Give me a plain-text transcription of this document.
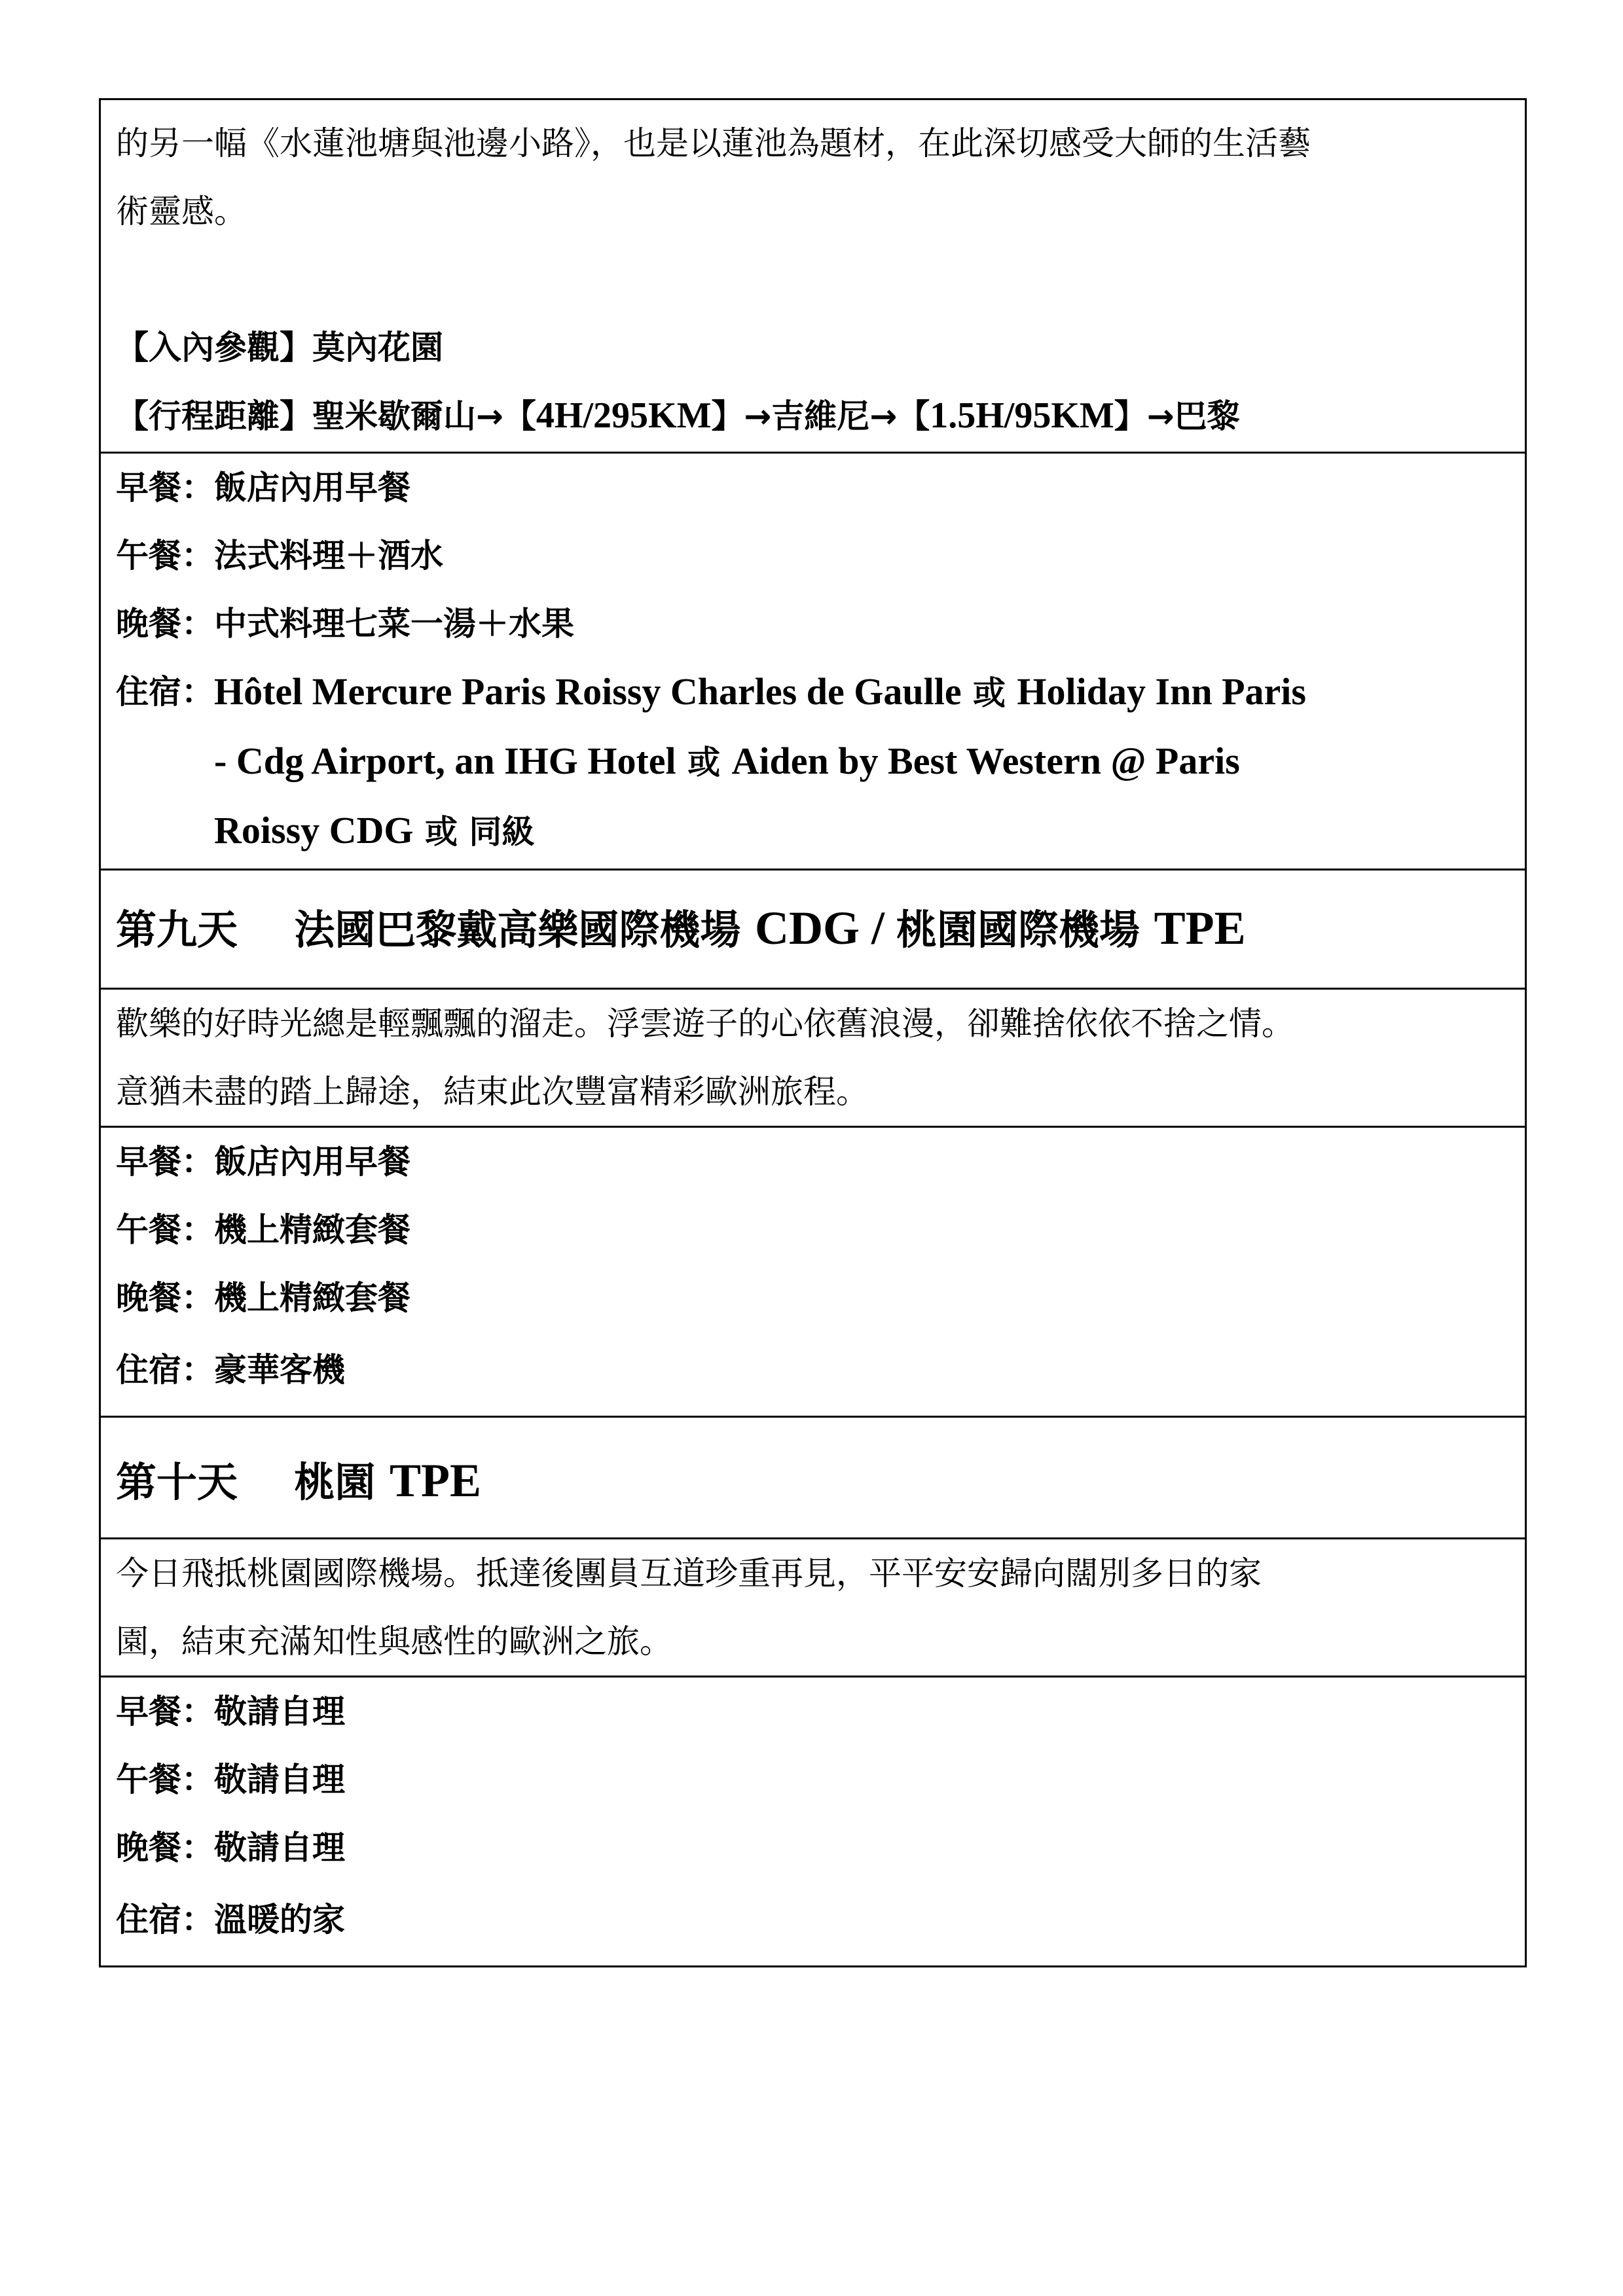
的另一幅《水蓮池塘與池邊小路》，也是以蓮池為題材，在此深切感受大師的生活藝

術靈感。

【入內參觀】莫內花園

【行程距離】聖米歇爾山→【4H/295KM】→吉維尼→【1.5H/95KM】→巴黎

早餐：飯店內用早餐

午餐：法式料理＋酒水

晚餐：中式料理七菜一湯＋水果

住宿： Hôtel Mercure Paris Roissy Charles de Gaulle 或 Holiday Inn Paris
- Cdg Airport, an IHG Hotel 或 Aiden by Best Western @ Paris
Roissy CDG 或 同級

第九天 法國巴黎戴高樂國際機場 CDG / 桃園國際機場 TPE

歡樂的好時光總是輕飄飄的溜走。浮雲遊子的心依舊浪漫，卻難捨依依不捨之情。

意猶未盡的踏上歸途，結束此次豐富精彩歐洲旅程。

早餐：飯店內用早餐

午餐：機上精緻套餐

晚餐：機上精緻套餐

住宿：豪華客機

第十天 桃園 TPE

今日飛抵桃園國際機場。抵達後團員互道珍重再見，平平安安歸向闊別多日的家

園，結束充滿知性與感性的歐洲之旅。

早餐：敬請自理

午餐：敬請自理

晚餐：敬請自理

住宿：溫暖的家
